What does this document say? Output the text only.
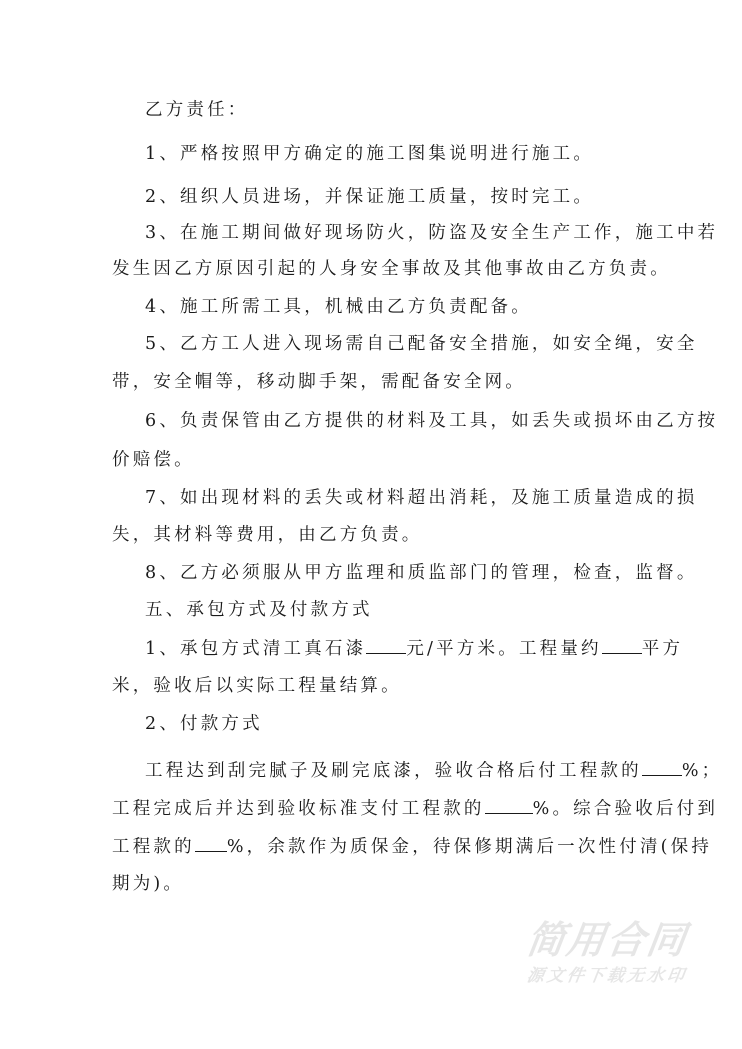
乙方责任：
1、严格按照甲方确定的施工图集说明进行施工。
2、组织人员进场，并保证施工质量，按时完工。
3、在施工期间做好现场防火，防盗及安全生产工作，施工中若
发生因乙方原因引起的人身安全事故及其他事故由乙方负责。
4、施工所需工具，机械由乙方负责配备。
5、乙方工人进入现场需自己配备安全措施，如安全绳，安全
带，安全帽等，移动脚手架，需配备安全网。
6、负责保管由乙方提供的材料及工具，如丢失或损坏由乙方按
价赔偿。
7、如出现材料的丢失或材料超出消耗，及施工质量造成的损
失，其材料等费用，由乙方负责。
8、乙方必须服从甲方监理和质监部门的管理，检查，监督。
五、承包方式及付款方式
1、承包方式清工真石漆 元/平方米。工程量约 平方
米，验收后以实际工程量结算。
2、付款方式
工程达到刮完腻子及刷完底漆，验收合格后付工程款的 %；
工程完成后并达到验收标准支付工程款的	%。综合验收后付到
工程款的 %，余款作为质保金，待保修期满后一次性付清(保持
期为)。
简用合同
源文件下载无水印
